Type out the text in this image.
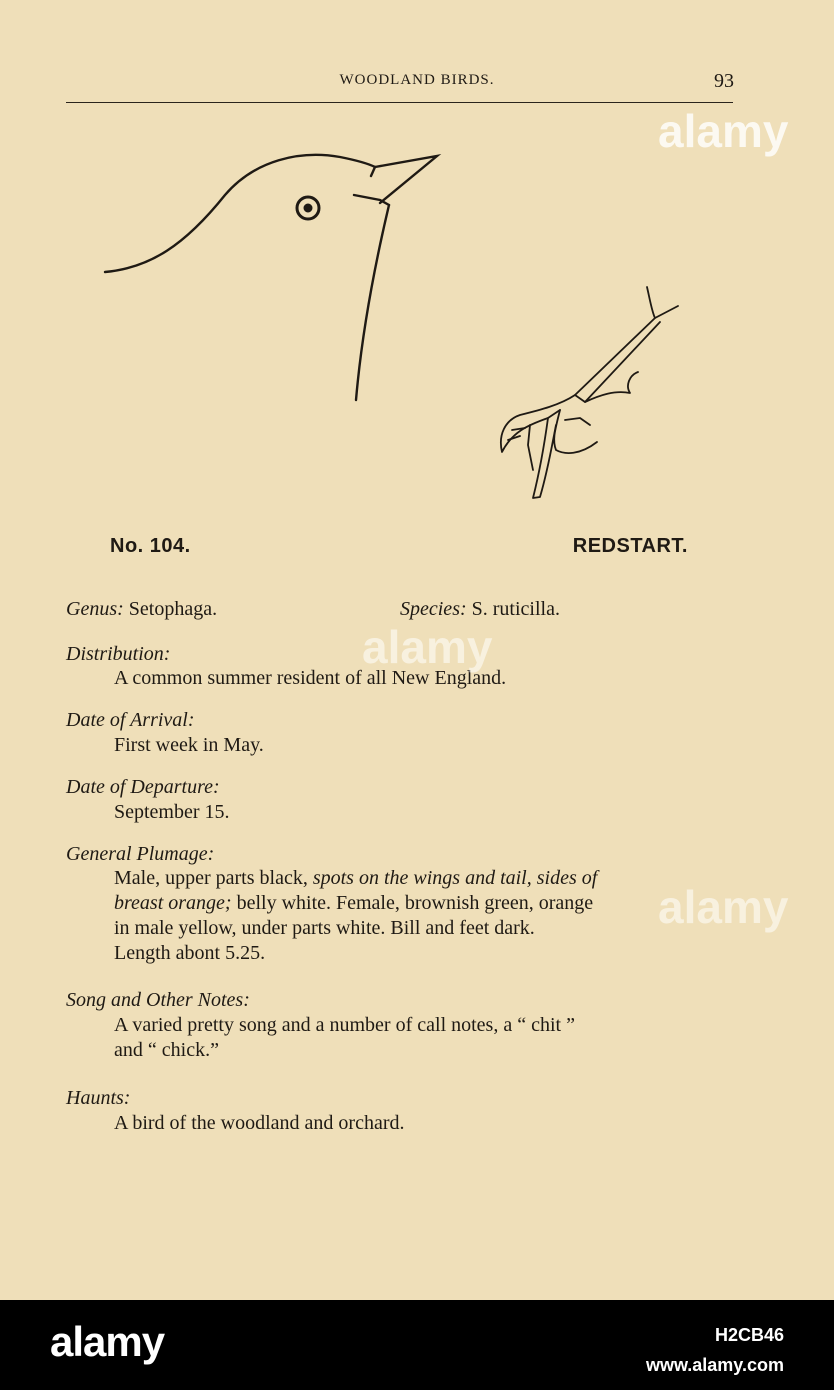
WOODLAND BIRDS.	93
No. 104.	REDSTART.
Genus: Setophaga.	Species: S. ruticilla.
Distribution:
A common summer resident of all New England.
Date of Arrival:
First week in May.
Date of Departure:
September 15.
General Plumage:
Male, upper parts black, spots on the wings and tail, sides of
breast orange; belly white. Female, brownish green, orange
in male yellow, under parts white. Bill and feet dark.
Length abont 5.25.
Song and Other Notes:
A varied pretty song and a number of call notes, a “ chit ”
and “ chick.”
Haunts:
A bird of the woodland and orchard.
alamy
alamy
alamy
alamy	H2CB46
www.alamy.com
